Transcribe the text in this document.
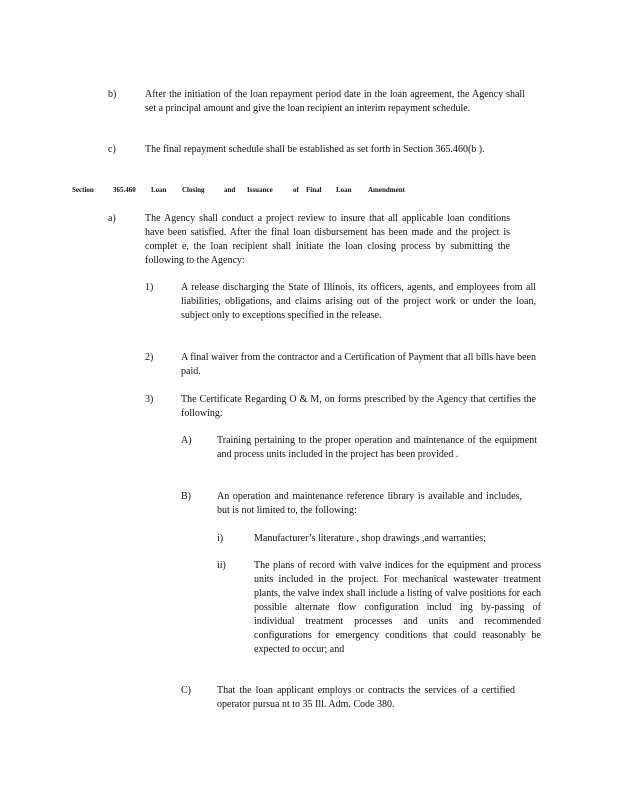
b)	After the initiation of the loan repayment period date in the loan agreement, the Agency shall set a principal amount and give the loan recipient an interim repayment schedule.
c)	The final repayment schedule shall be established as set forth in Section 365.460(b ).
Section	365.460 Loan Closing	and Issuance	of Final Loan Amendment
a)	The Agency shall conduct a project review to insure that all applicable loan conditions have been satisfied. After the final loan disbursement has been made and the project is complet e, the loan recipient shall initiate the loan closing process by submitting the following to the Agency:
1)	A release discharging the State of Illinois, its officers, agents, and employees from all liabilities, obligations, and claims arising out of the project work or under the loan, subject only to exceptions specified in the release.
2)	A final waiver from the contractor and a Certification of Payment that all bills have been paid.
3)	The Certificate Regarding O & M, on forms prescribed by the Agency that certifies the following:
A)	Training pertaining to the proper operation and maintenance of the equipment and process units included in the project has been provided .
B)	An operation and maintenance reference library is available and includes, but is not limited to, the following:
i)	Manufacturer’s literature , shop drawings ,and warranties;
ii)	The plans of record with valve indices for the equipment and process units included in the project. For mechanical wastewater treatment plants, the valve index shall include a listing of valve positions for each possible alternate flow configuration includ ing by-passing of individual treatment processes and units and recommended configurations for emergency conditions that could reasonably be expected to occur; and
C)	That the loan applicant employs or contracts the services of a certified operator pursua nt to 35 Ill. Adm. Code 380.
